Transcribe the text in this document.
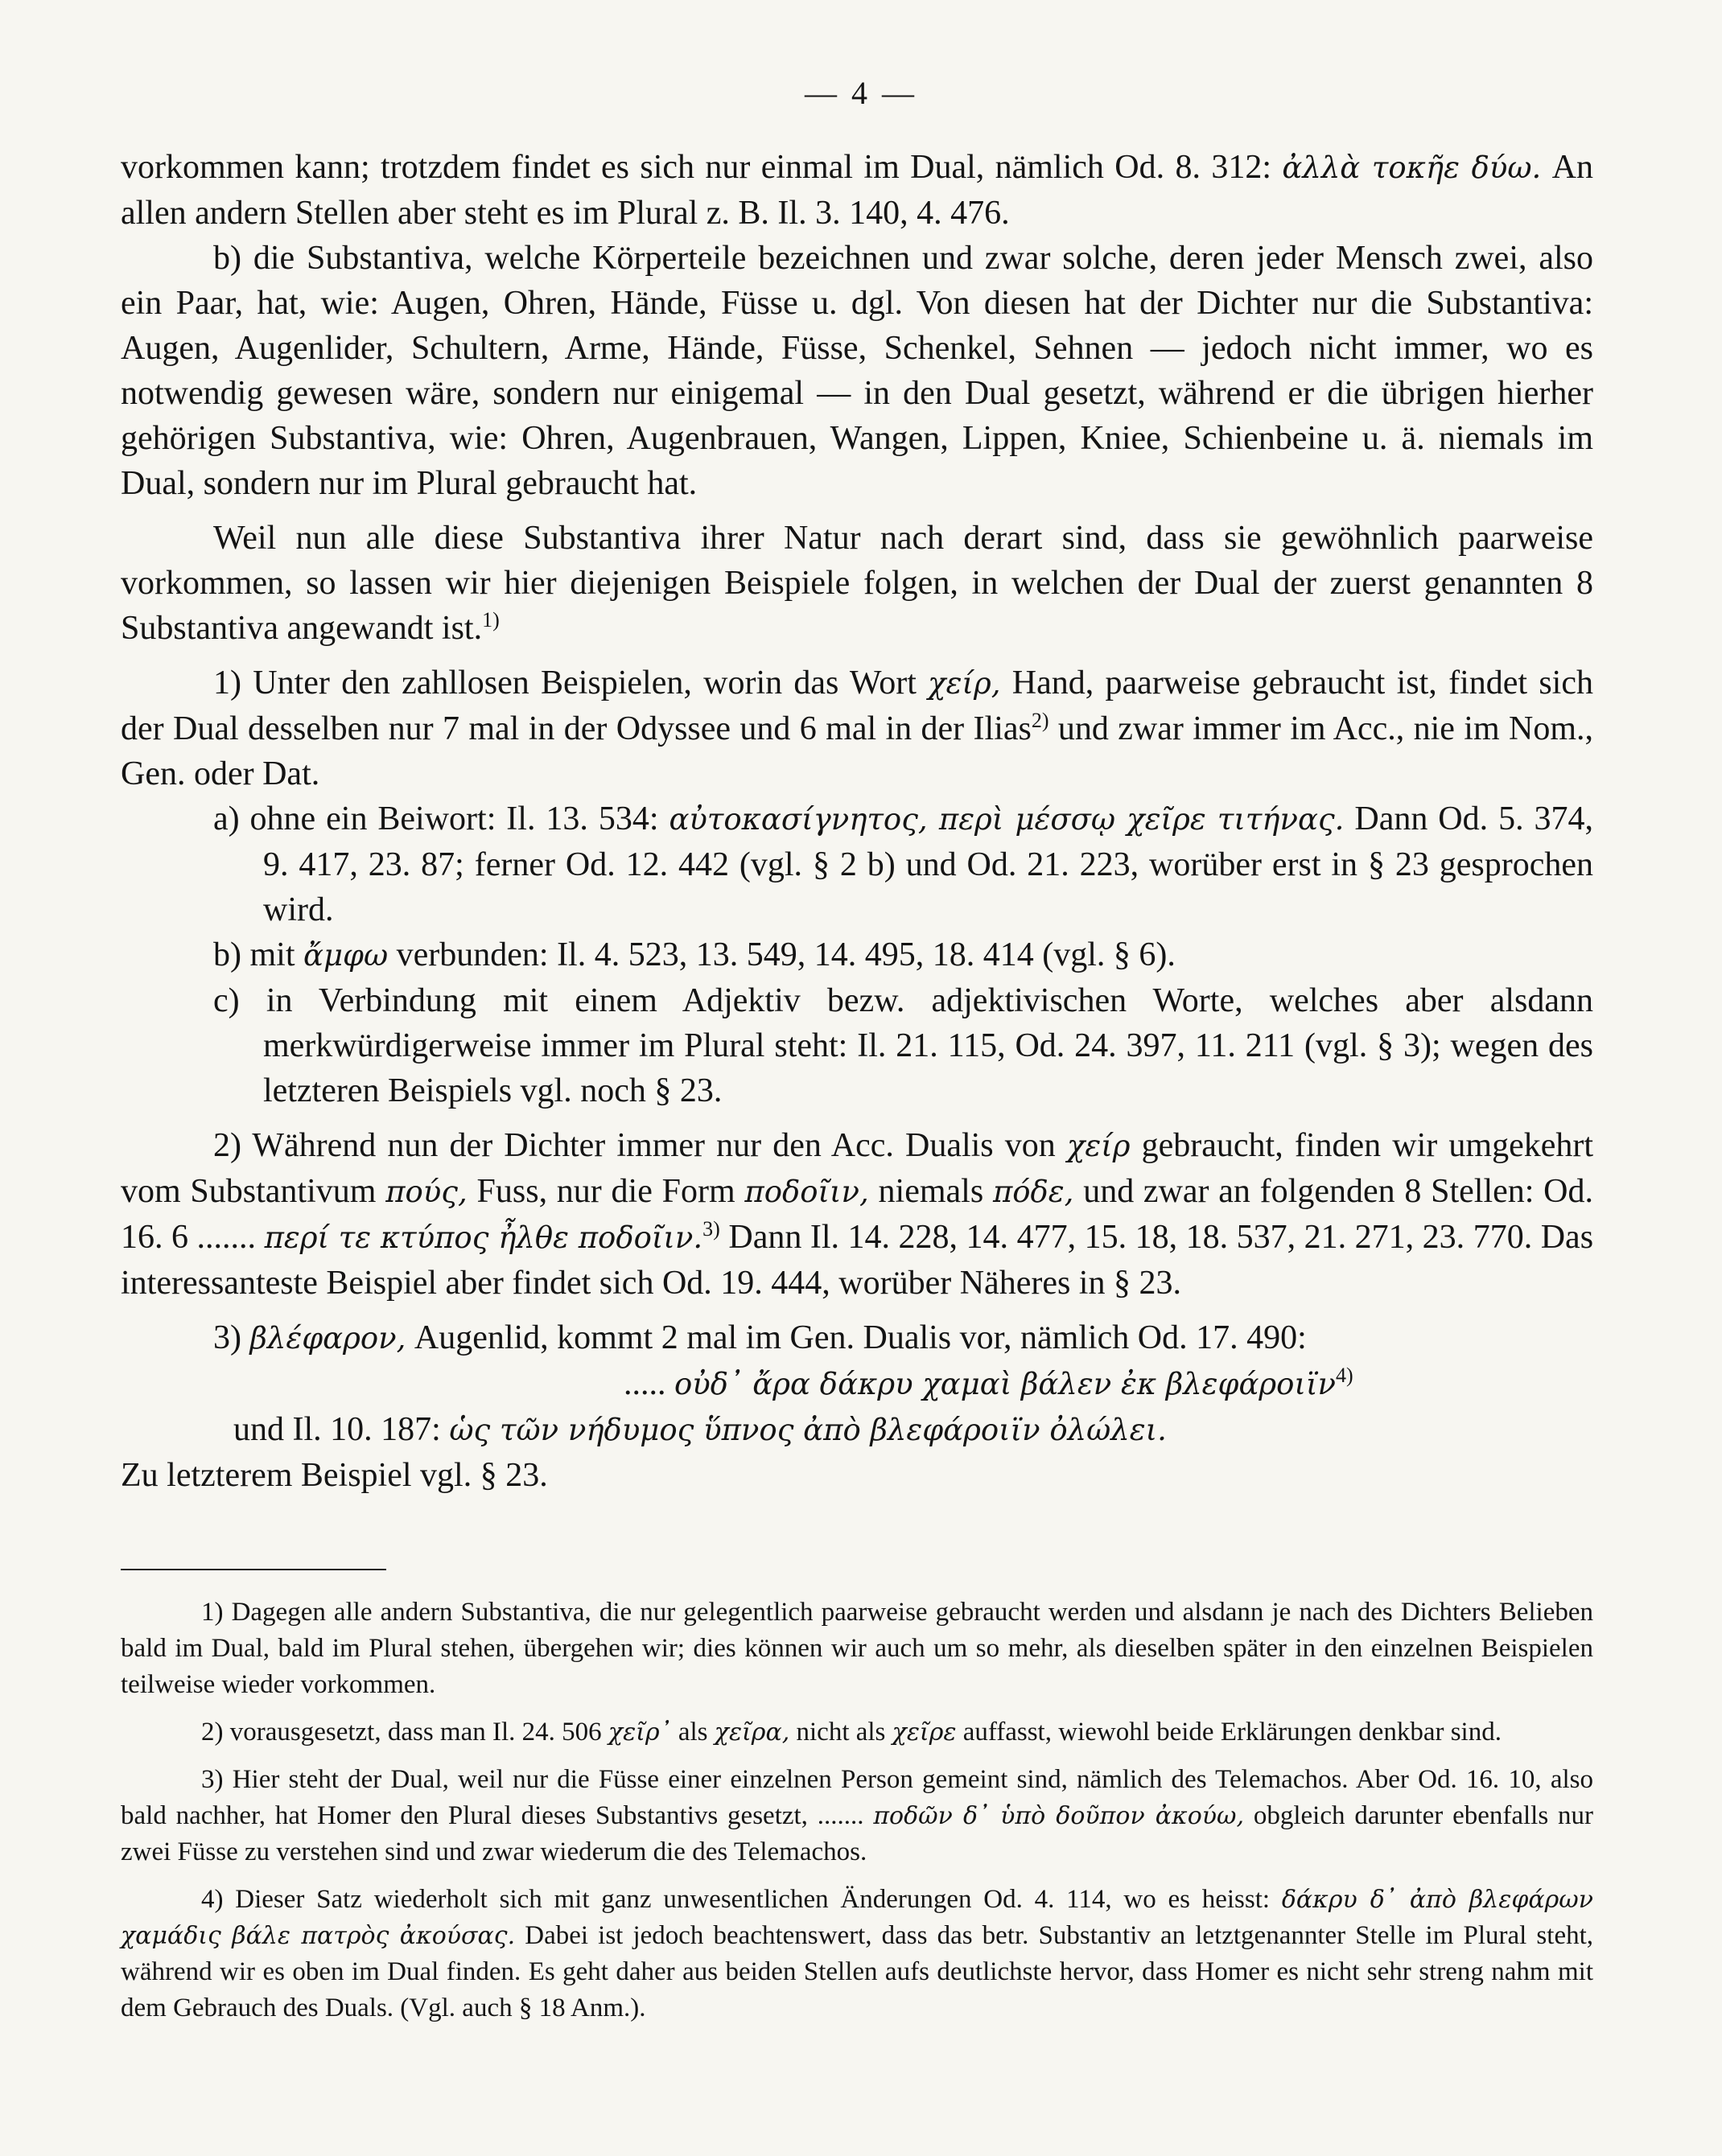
— 4 —

vorkommen kann; trotzdem findet es sich nur einmal im Dual, nämlich Od. 8. 312: ἀλλὰ τοκῆε δύω. An allen andern Stellen aber steht es im Plural z. B. Il. 3. 140, 4. 476.

b) die Substantiva, welche Körperteile bezeichnen und zwar solche, deren jeder Mensch zwei, also ein Paar, hat, wie: Augen, Ohren, Hände, Füsse u. dgl. Von diesen hat der Dichter nur die Substantiva: Augen, Augenlider, Schultern, Arme, Hände, Füsse, Schenkel, Sehnen — jedoch nicht immer, wo es notwendig gewesen wäre, sondern nur einigemal — in den Dual gesetzt, während er die übrigen hierher gehörigen Substantiva, wie: Ohren, Augenbrauen, Wangen, Lippen, Kniee, Schienbeine u. ä. niemals im Dual, sondern nur im Plural gebraucht hat.

Weil nun alle diese Substantiva ihrer Natur nach derart sind, dass sie gewöhnlich paarweise vorkommen, so lassen wir hier diejenigen Beispiele folgen, in welchen der Dual der zuerst genannten 8 Substantiva angewandt ist.$^{1)}$

1) Unter den zahllosen Beispielen, worin das Wort χείρ, Hand, paarweise gebraucht ist, findet sich der Dual desselben nur 7 mal in der Odyssee und 6 mal in der Ilias$^{2)}$ und zwar immer im Acc., nie im Nom., Gen. oder Dat.

a) ohne ein Beiwort: Il. 13. 534: αὐτοκασίγνητος, περὶ μέσσῳ χεῖρε τιτήνας. Dann Od. 5. 374, 9. 417, 23. 87; ferner Od. 12. 442 (vgl. § 2 b) und Od. 21. 223, worüber erst in § 23 gesprochen wird.

b) mit ἄμφω verbunden: Il. 4. 523, 13. 549, 14. 495, 18. 414 (vgl. § 6).

c) in Verbindung mit einem Adjektiv bezw. adjektivischen Worte, welches aber alsdann merkwürdigerweise immer im Plural steht: Il. 21. 115, Od. 24. 397, 11. 211 (vgl. § 3); wegen des letzteren Beispiels vgl. noch § 23.

2) Während nun der Dichter immer nur den Acc. Dualis von χείρ gebraucht, finden wir umgekehrt vom Substantivum πούς, Fuss, nur die Form ποδοῖιν, niemals πόδε, und zwar an folgenden 8 Stellen: Od. 16. 6 ....... περί τε κτύπος ἦλθε ποδοῖιν.$^{3)}$ Dann Il. 14. 228, 14. 477, 15. 18, 18. 537, 21. 271, 23. 770. Das interessanteste Beispiel aber findet sich Od. 19. 444, worüber Näheres in § 23.

3) βλέφαρον, Augenlid, kommt 2 mal im Gen. Dualis vor, nämlich Od. 17. 490:

..... οὐδ᾽ ἄρα δάκρυ χαμαὶ βάλεν ἐκ βλεφάροιϊν$^{4)}$

und Il. 10. 187: ὡς τῶν νήδυμος ὕπνος ἀπὸ βλεφάροιϊν ὀλώλει.

Zu letzterem Beispiel vgl. § 23.

1) Dagegen alle andern Substantiva, die nur gelegentlich paarweise gebraucht werden und alsdann je nach des Dichters Belieben bald im Dual, bald im Plural stehen, übergehen wir; dies können wir auch um so mehr, als dieselben später in den einzelnen Beispielen teilweise wieder vorkommen.

2) vorausgesetzt, dass man Il. 24. 506 χεῖρ᾽ als χεῖρα, nicht als χεῖρε auffasst, wiewohl beide Erklärungen denkbar sind.

3) Hier steht der Dual, weil nur die Füsse einer einzelnen Person gemeint sind, nämlich des Telemachos. Aber Od. 16. 10, also bald nachher, hat Homer den Plural dieses Substantivs gesetzt, ....... ποδῶν δ᾽ ὑπὸ δοῦπον ἀκούω, obgleich darunter ebenfalls nur zwei Füsse zu verstehen sind und zwar wiederum die des Telemachos.

4) Dieser Satz wiederholt sich mit ganz unwesentlichen Änderungen Od. 4. 114, wo es heisst: δάκρυ δ᾽ ἀπὸ βλεφάρων χαμάδις βάλε πατρὸς ἀκούσας. Dabei ist jedoch beachtenswert, dass das betr. Substantiv an letztgenannter Stelle im Plural steht, während wir es oben im Dual finden. Es geht daher aus beiden Stellen aufs deutlichste hervor, dass Homer es nicht sehr streng nahm mit dem Gebrauch des Duals. (Vgl. auch § 18 Anm.).
